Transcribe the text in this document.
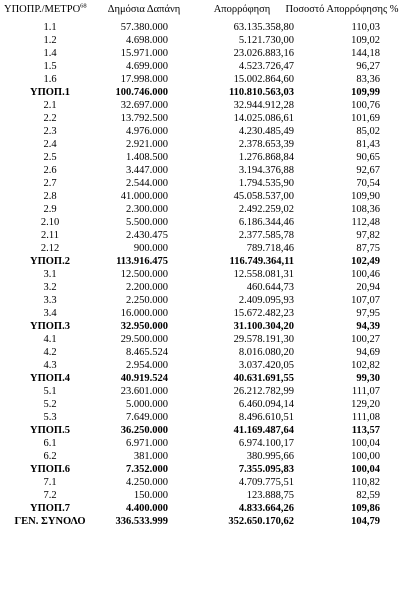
ΥΠΟΠΡ./ΜΕΤΡΟ$^{68}$	Δημόσια Δαπάνη	Απορρόφηση	Ποσοστό Απορρόφησης %
1.1	57.380.000	63.135.358,80	110,03	
1.2	4.698.000	5.121.730,00	109,02	
1.4	15.971.000	23.026.883,16	144,18	
1.5	4.699.000	4.523.726,47	96,27	
1.6	17.998.000	15.002.864,60	83,36	
ΥΠΟΠ.1	100.746.000	110.810.563,03	109,99	
2.1	32.697.000	32.944.912,28	100,76	
2.2	13.792.500	14.025.086,61	101,69	
2.3	4.976.000	4.230.485,49	85,02	
2.4	2.921.000	2.378.653,39	81,43	
2.5	1.408.500	1.276.868,84	90,65	
2.6	3.447.000	3.194.376,88	92,67	
2.7	2.544.000	1.794.535,90	70,54	
2.8	41.000.000	45.058.537,00	109,90	
2.9	2.300.000	2.492.259,02	108,36	
2.10	5.500.000	6.186.344,46	112,48	
2.11	2.430.475	2.377.585,78	97,82	
2.12	900.000	789.718,46	87,75	
ΥΠΟΠ.2	113.916.475	116.749.364,11	102,49	
3.1	12.500.000	12.558.081,31	100,46	
3.2	2.200.000	460.644,73	20,94	
3.3	2.250.000	2.409.095,93	107,07	
3.4	16.000.000	15.672.482,23	97,95	
ΥΠΟΠ.3	32.950.000	31.100.304,20	94,39	
4.1	29.500.000	29.578.191,30	100,27	
4.2	8.465.524	8.016.080,20	94,69	
4.3	2.954.000	3.037.420,05	102,82	
ΥΠΟΠ.4	40.919.524	40.631.691,55	99,30	
5.1	23.601.000	26.212.782,99	111,07	
5.2	5.000.000	6.460.094,14	129,20	
5.3	7.649.000	8.496.610,51	111,08	
ΥΠΟΠ.5	36.250.000	41.169.487,64	113,57	
6.1	6.971.000	6.974.100,17	100,04	
6.2	381.000	380.995,66	100,00	
ΥΠΟΠ.6	7.352.000	7.355.095,83	100,04	
7.1	4.250.000	4.709.775,51	110,82	
7.2	150.000	123.888,75	82,59	
ΥΠΟΠ.7	4.400.000	4.833.664,26	109,86	
ΓΕΝ. ΣΥΝΟΛΟ	336.533.999	352.650.170,62	104,79	
